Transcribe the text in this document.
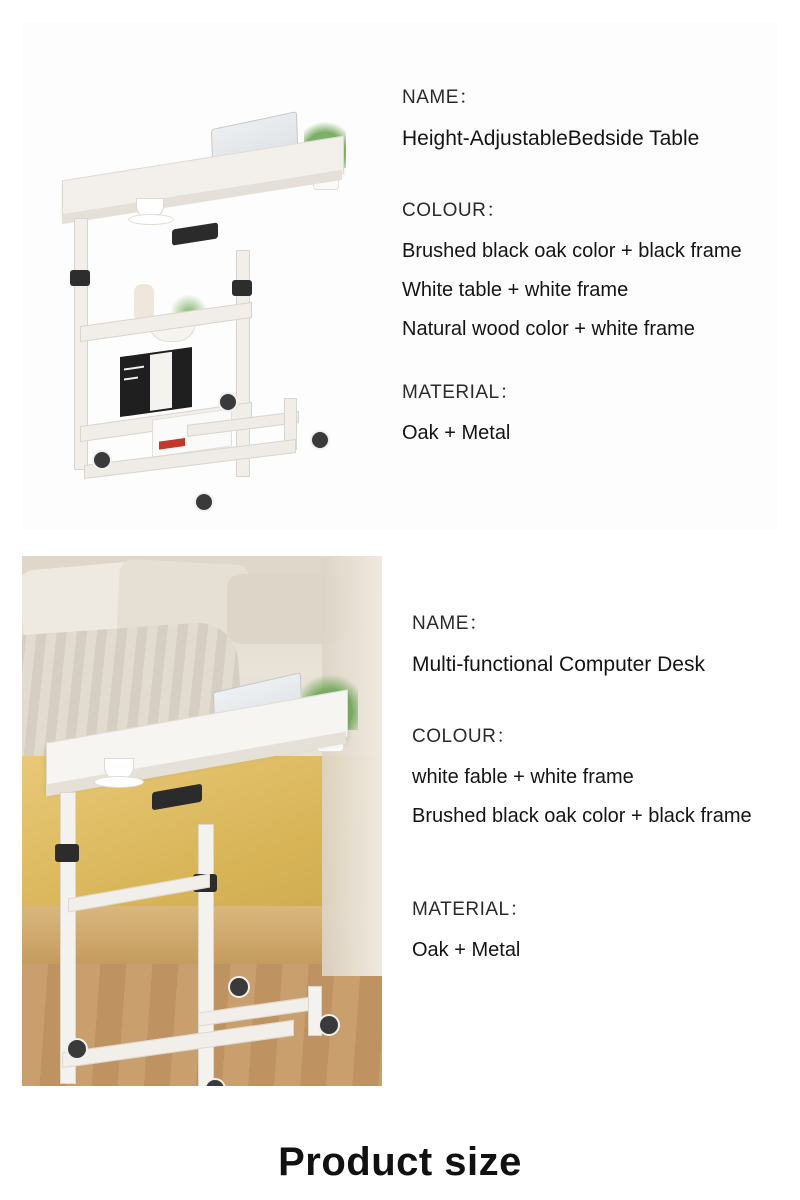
NAME：

Height-AdjustableBedside Table

COLOUR：

Brushed black oak color + black frame

White table + white frame

Natural wood color + white frame

MATERIAL：

Oak + Metal

NAME：

Multi-functional Computer Desk

COLOUR：

white fable + white frame

Brushed black oak color + black frame

MATERIAL：

Oak + Metal

Product size
